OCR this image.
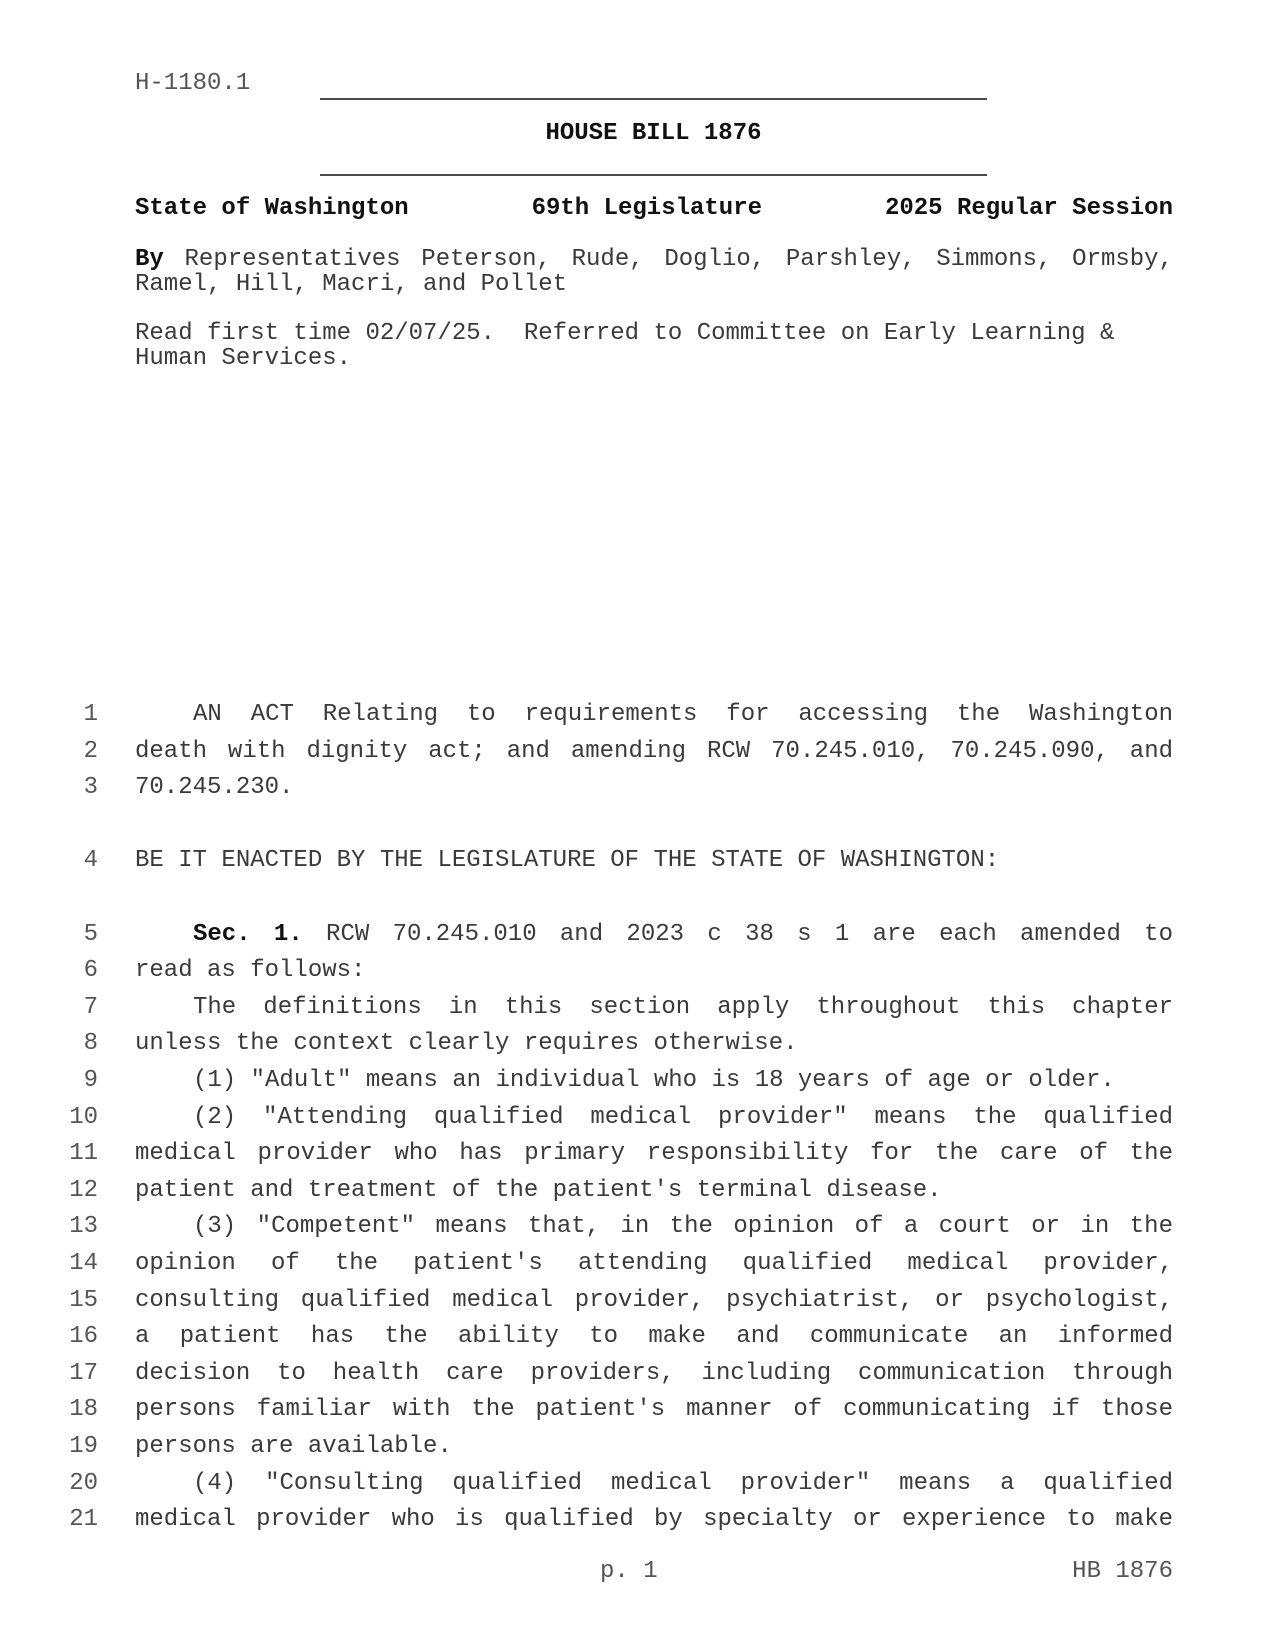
H-1180.1
HOUSE BILL 1876
State of Washington	69th Legislature	2025 Regular Session
By Representatives Peterson, Rude, Doglio, Parshley, Simmons, Ormsby,
Ramel, Hill, Macri, and Pollet
Read first time 02/07/25.  Referred to Committee on Early Learning &
Human Services.
1	AN ACT Relating to requirements for accessing the Washington
2 death with dignity act; and amending RCW 70.245.010, 70.245.090, and
3 70.245.230.
4 BE IT ENACTED BY THE LEGISLATURE OF THE STATE OF WASHINGTON:
5	Sec. 1. RCW 70.245.010 and 2023 c 38 s 1 are each amended to
6 read as follows:
7	The definitions in this section apply throughout this chapter
8 unless the context clearly requires otherwise.
9	(1) "Adult" means an individual who is 18 years of age or older.
10	(2) "Attending qualified medical provider" means the qualified
11 medical provider who has primary responsibility for the care of the
12 patient and treatment of the patient's terminal disease.
13	(3) "Competent" means that, in the opinion of a court or in the
14 opinion of the patient's attending qualified medical provider,
15 consulting qualified medical provider, psychiatrist, or psychologist,
16 a patient has the ability to make and communicate an informed
17 decision to health care providers, including communication through
18 persons familiar with the patient's manner of communicating if those
19 persons are available.
20	(4) "Consulting qualified medical provider" means a qualified
21 medical provider who is qualified by specialty or experience to make
p. 1	HB 1876
